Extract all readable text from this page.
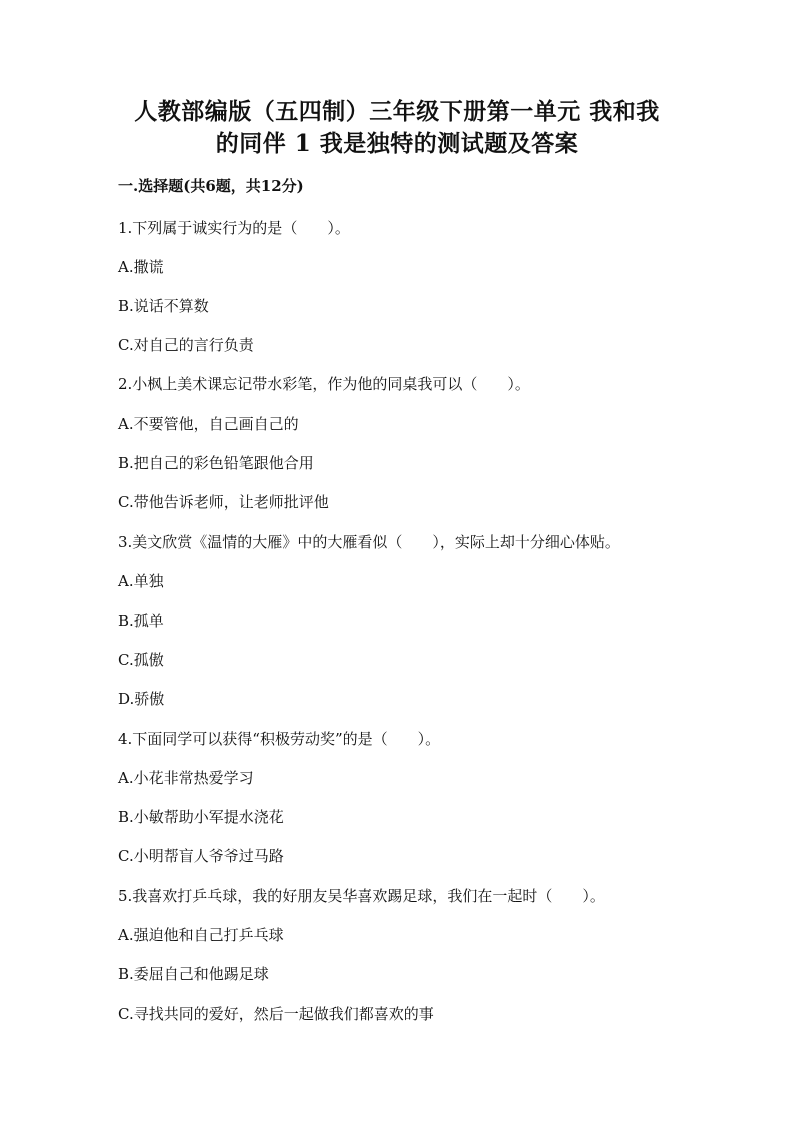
人教部编版（五四制）三年级下册第一单元 我和我
的同伴 1 我是独特的测试题及答案
一.选择题(共6题，共12分)
1.下列属于诚实行为的是（　　）。
A.撒谎
B.说话不算数
C.对自己的言行负责
2.小枫上美术课忘记带水彩笔，作为他的同桌我可以（　　）。
A.不要管他，自己画自己的
B.把自己的彩色铅笔跟他合用
C.带他告诉老师，让老师批评他
3.美文欣赏《温情的大雁》中的大雁看似（　　），实际上却十分细心体贴。
A.单独
B.孤单
C.孤傲
D.骄傲
4.下面同学可以获得“积极劳动奖”的是（　　）。
A.小花非常热爱学习
B.小敏帮助小军提水浇花
C.小明帮盲人爷爷过马路
5.我喜欢打乒乓球，我的好朋友吴华喜欢踢足球，我们在一起时（　　）。
A.强迫他和自己打乒乓球
B.委屈自己和他踢足球
C.寻找共同的爱好，然后一起做我们都喜欢的事
